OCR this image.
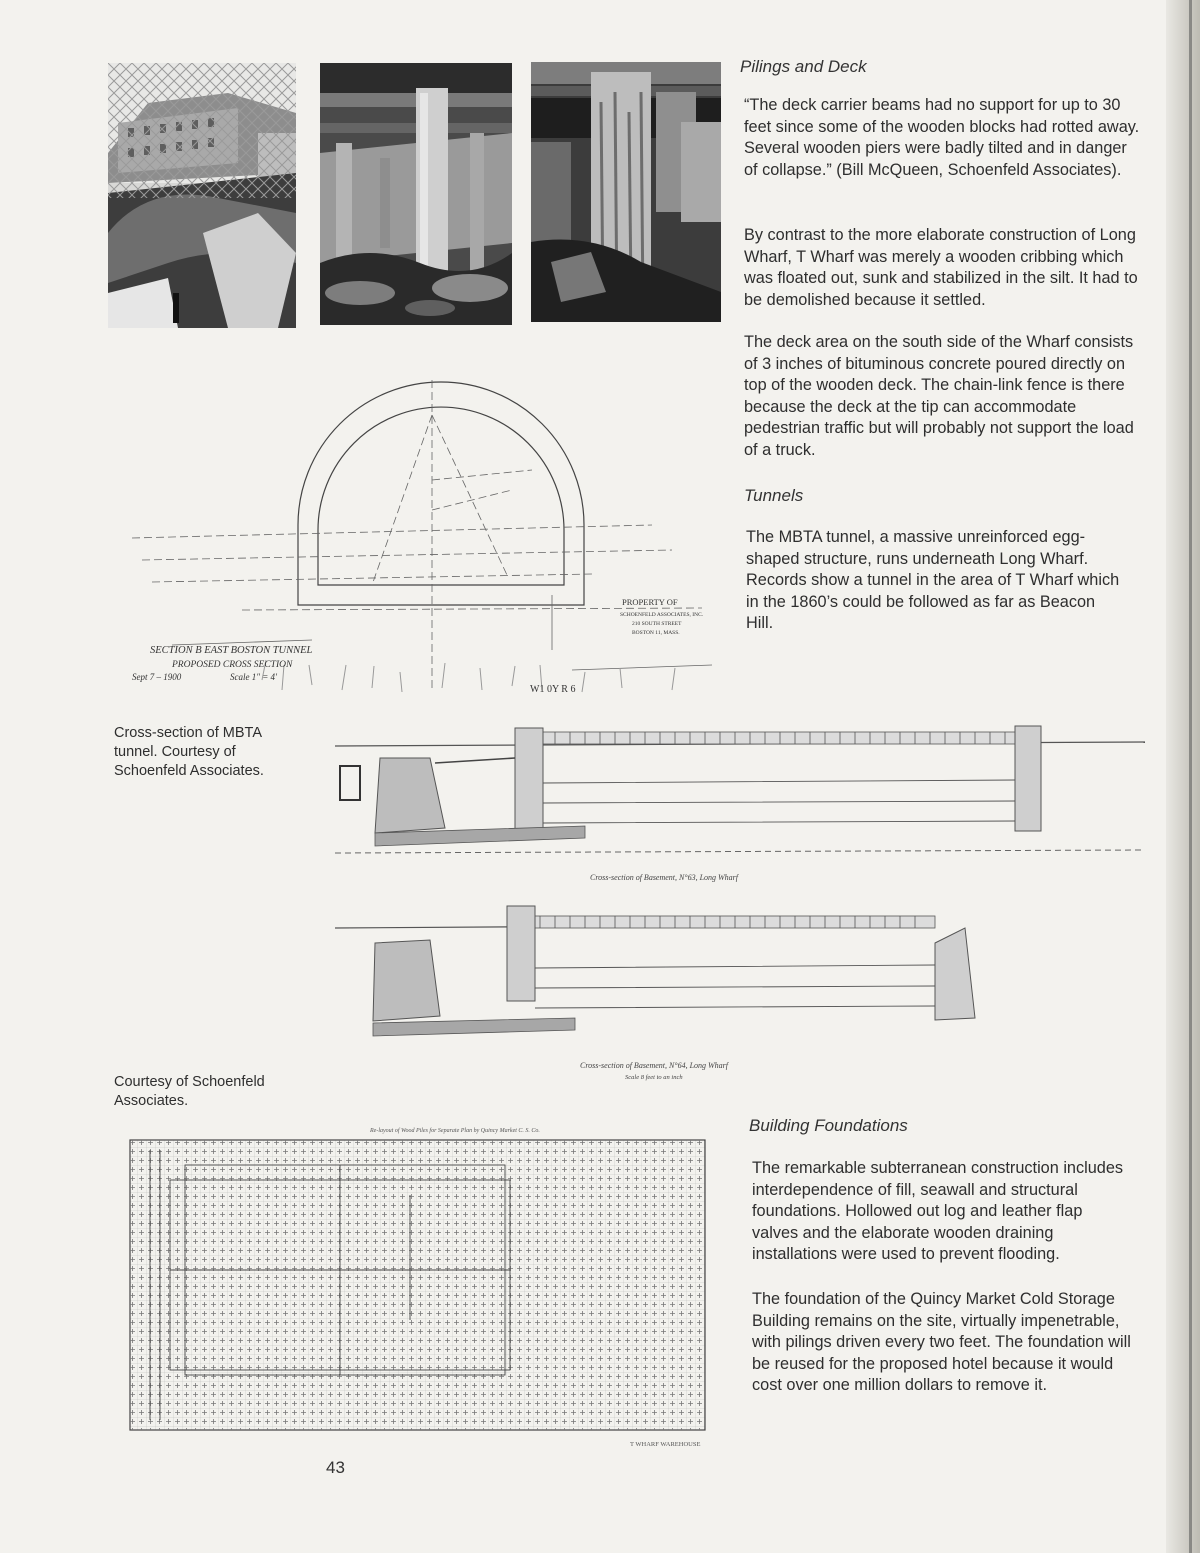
Pilings and Deck

“The deck carrier beams had no support for up to 30 feet since some of the wooden blocks had rotted away. Several wooden piers were badly tilted and in danger of collapse.” (Bill McQueen, Schoenfeld Associates).

By contrast to the more elaborate construction of Long Wharf, T Wharf was merely a wooden cribbing which was floated out, sunk and stabilized in the silt. It had to be demolished because it settled.

The deck area on the south side of the Wharf consists of 3 inches of bituminous concrete poured directly on top of the wooden deck. The chain-link fence is there because the deck at the tip can accommodate pedestrian traffic but will probably not support the load of a truck.

Tunnels

The MBTA tunnel, a massive unreinforced egg-shaped structure, runs underneath Long Wharf. Records show a tunnel in the area of T Wharf which in the 1860’s could be followed as far as Beacon Hill.

Building Foundations

The remarkable subterranean construction includes interdependence of fill, seawall and structural foundations. Hollowed out log and leather flap valves and the elaborate wooden draining installations were used to prevent flooding.

The foundation of the Quincy Market Cold Storage Building remains on the site, virtually impenetrable, with pilings driven every two feet. The foundation will be reused for the proposed hotel because it would cost over one million dollars to remove it.

Cross-section of MBTA tunnel. Courtesy of Schoenfeld Associates.

Courtesy of Schoenfeld Associates.

SECTION B EAST BOSTON TUNNEL
PROPOSED CROSS SECTION
Sept 7 – 1900	Scale 1″ = 4′
PROPERTY OF
SCHOENFELD ASSOCIATES, INC.
210 SOUTH STREET
BOSTON 11, MASS.
W1 0Y R 6
Cross-section of Basement, N°63, Long Wharf
Cross-section of Basement, N°64, Long Wharf
Scale 8 feet to an inch
Re-layout of Wood Piles for Separate Plan by Quincy Market C. S. Co.
T WHARF WAREHOUSE
43
